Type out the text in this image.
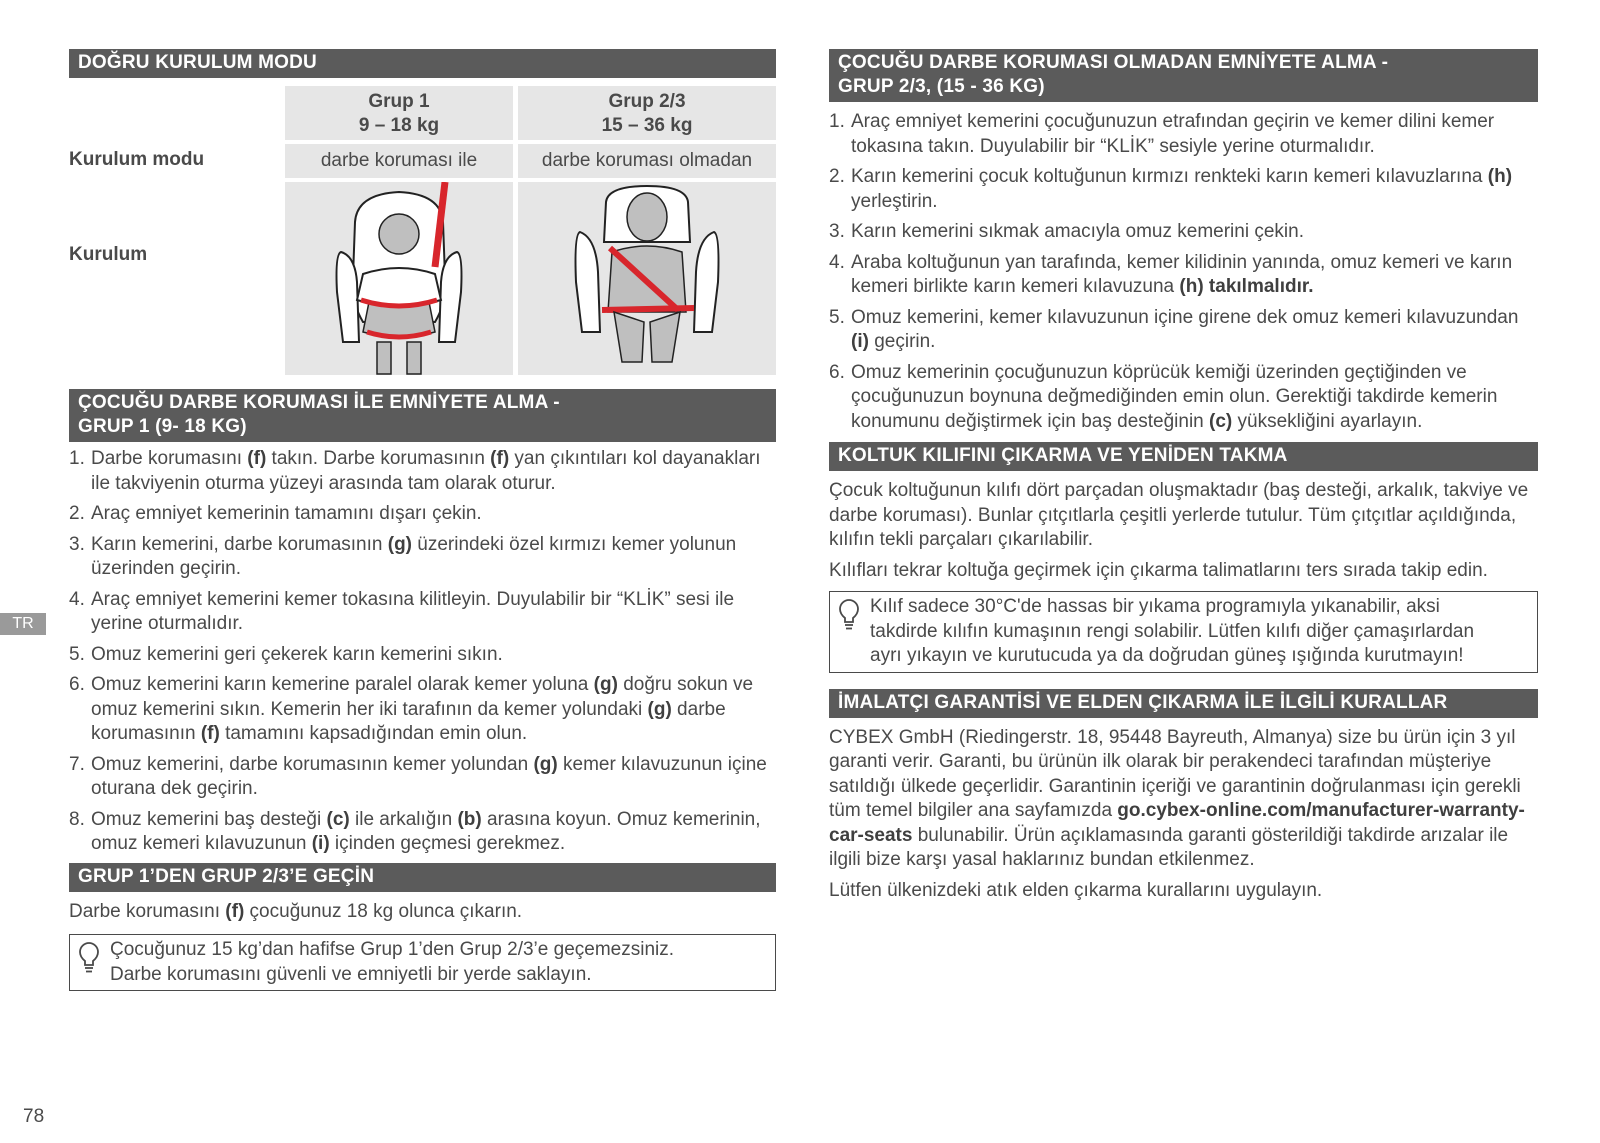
DOĞRU KURULUM MODU
Grup 1
9 – 18 kg
Grup 2/3
15 – 36 kg
Kurulum modu	darbe koruması ile	darbe koruması olmadan
Kurulum
ÇOCUĞU DARBE KORUMASI İLE EMNİYETE ALMA -
GRUP 1 (9- 18 KG)
1. Darbe korumasını (f) takın. Darbe korumasının (f) yan çıkıntıları kol dayanakları ile takviyenin oturma yüzeyi arasında tam olarak oturur.
2. Araç emniyet kemerinin tamamını dışarı çekin.
3. Karın kemerini, darbe korumasının (g) üzerindeki özel kırmızı kemer yolunun üzerinden geçirin.
4. Araç emniyet kemerini kemer tokasına kilitleyin. Duyulabilir bir “KLİK” sesi ile yerine oturmalıdır.
5. Omuz kemerini geri çekerek karın kemerini sıkın.
6. Omuz kemerini karın kemerine paralel olarak kemer yoluna (g) doğru sokun ve omuz kemerini sıkın. Kemerin her iki tarafının da kemer yolundaki (g) darbe korumasının (f) tamamını kapsadığından emin olun.
7. Omuz kemerini, darbe korumasının kemer yolundan (g) kemer kılavuzunun içine oturana dek geçirin.
8. Omuz kemerini baş desteği (c) ile arkalığın (b) arasına koyun. Omuz kemerinin, omuz kemeri kılavuzunun (i) içinden geçmesi gerekmez.
GRUP 1’DEN GRUP 2/3’E GEÇİN

Darbe korumasını (f) çocuğunuz 18 kg olunca çıkarın.

Çocuğunuz 15 kg’dan hafifse Grup 1’den Grup 2/3’e geçemezsiniz.
Darbe korumasını güvenli ve emniyetli bir yerde saklayın.
ÇOCUĞU DARBE KORUMASI OLMADAN EMNİYETE ALMA -
GRUP 2/3, (15 - 36 KG)
1. Araç emniyet kemerini çocuğunuzun etrafından geçirin ve kemer dilini kemer tokasına takın. Duyulabilir bir “KLİK” sesiyle yerine oturmalıdır.
2. Karın kemerini çocuk koltuğunun kırmızı renkteki karın kemeri kılavuzlarına (h) yerleştirin.
3. Karın kemerini sıkmak amacıyla omuz kemerini çekin.
4. Araba koltuğunun yan tarafında, kemer kilidinin yanında, omuz kemeri ve karın kemeri birlikte karın kemeri kılavuzuna (h) takılmalıdır.
5. Omuz kemerini, kemer kılavuzunun içine girene dek omuz kemeri kılavuzundan (i) geçirin.
6. Omuz kemerinin çocuğunuzun köprücük kemiği üzerinden geçtiğinden ve çocuğunuzun boynuna değmediğinden emin olun. Gerektiği takdirde kemerin konumunu değiştirmek için baş desteğinin (c) yüksekliğini ayarlayın.
KOLTUK KILIFINI ÇIKARMA VE YENİDEN TAKMA

Çocuk koltuğunun kılıfı dört parçadan oluşmaktadır (baş desteği, arkalık, takviye ve darbe koruması). Bunlar çıtçıtlarla çeşitli yerlerde tutulur. Tüm çıtçıtlar açıldığında, kılıfın tekli parçaları çıkarılabilir.

Kılıfları tekrar koltuğa geçirmek için çıkarma talimatlarını ters sırada takip edin.

Kılıf sadece 30°C'de hassas bir yıkama programıyla yıkanabilir, aksi
takdirde kılıfın kumaşının rengi solabilir. Lütfen kılıfı diğer çamaşırlardan
ayrı yıkayın ve kurutucuda ya da doğrudan güneş ışığında kurutmayın!
İMALATÇI GARANTİSİ VE ELDEN ÇIKARMA İLE İLGİLİ KURALLAR

CYBEX GmbH (Riedingerstr. 18, 95448 Bayreuth, Almanya) size bu ürün için 3 yıl garanti verir. Garanti, bu ürünün ilk olarak bir perakendeci tarafından müşteriye satıldığı ülkede geçerlidir. Garantinin içeriği ve garantinin doğrulanması için gerekli tüm temel bilgiler ana sayfamızda go.cybex-online.com/manufacturer-warranty-car-seats bulunabilir. Ürün açıklamasında garanti gösterildiği takdirde arızalar ile ilgili bize karşı yasal haklarınız bundan etkilenmez.

Lütfen ülkenizdeki atık elden çıkarma kurallarını uygulayın.

TR
78
